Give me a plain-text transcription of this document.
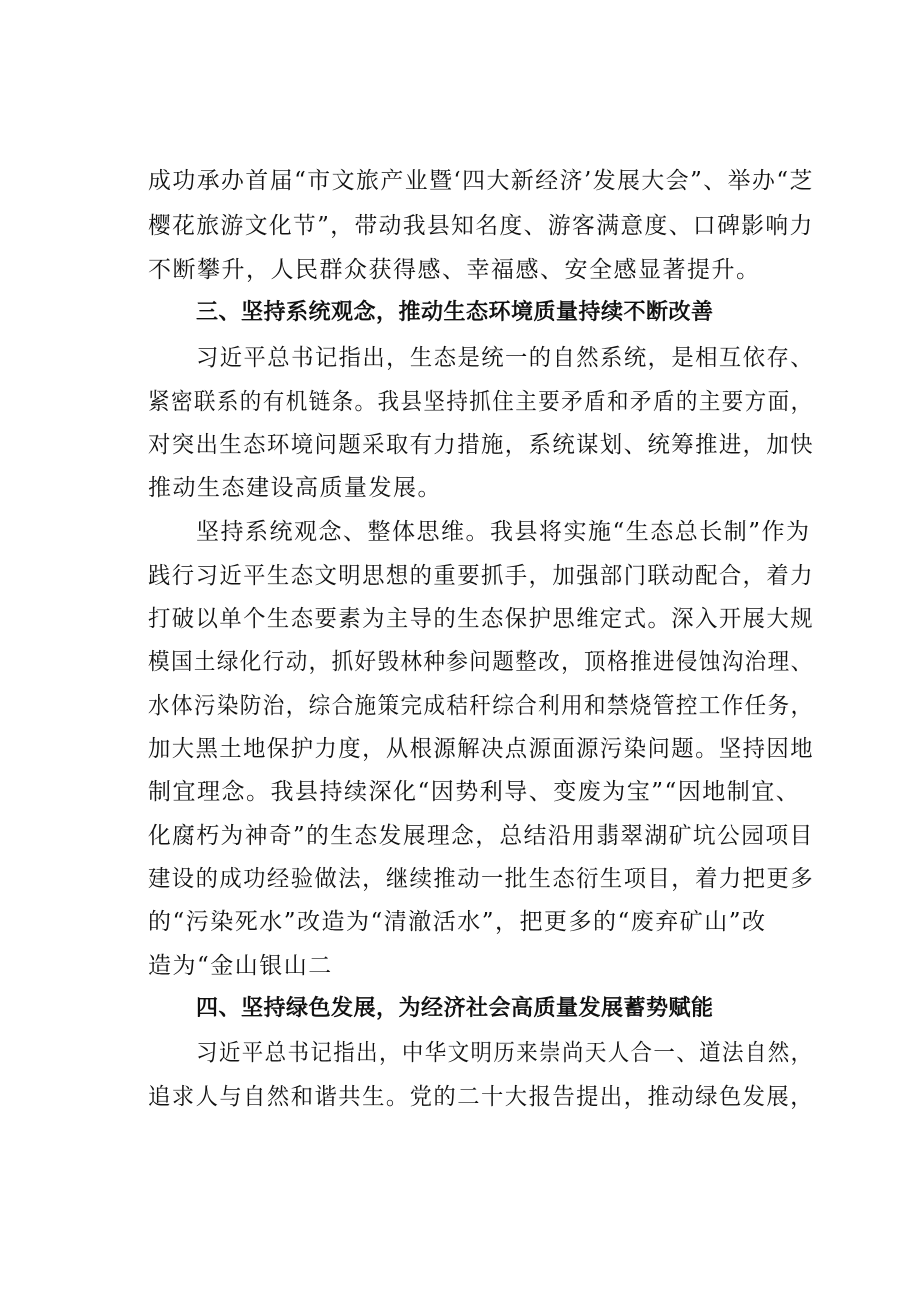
成功承办首届“市文旅产业暨‘四大新经济’发展大会”、举办“芝
樱花旅游文化节”，带动我县知名度、游客满意度、口碑影响力
不断攀升，人民群众获得感、幸福感、安全感显著提升。
三、坚持系统观念，推动生态环境质量持续不断改善
习近平总书记指出，生态是统一的自然系统，是相互依存、
紧密联系的有机链条。我县坚持抓住主要矛盾和矛盾的主要方面，
对突出生态环境问题采取有力措施，系统谋划、统筹推进，加快
推动生态建设高质量发展。
坚持系统观念、整体思维。我县将实施“生态总长制”作为
践行习近平生态文明思想的重要抓手，加强部门联动配合，着力
打破以单个生态要素为主导的生态保护思维定式。深入开展大规
模国土绿化行动，抓好毁林种参问题整改，顶格推进侵蚀沟治理、
水体污染防治，综合施策完成秸秆综合利用和禁烧管控工作任务，
加大黑土地保护力度，从根源解决点源面源污染问题。坚持因地
制宜理念。我县持续深化“因势利导、变废为宝”“因地制宜、
化腐朽为神奇”的生态发展理念，总结沿用翡翠湖矿坑公园项目
建设的成功经验做法，继续推动一批生态衍生项目，着力把更多
的“污染死水”改造为“清澈活水”，把更多的“废弃矿山”改
造为“金山银山二
四、坚持绿色发展，为经济社会高质量发展蓄势赋能
习近平总书记指出，中华文明历来崇尚天人合一、道法自然，
追求人与自然和谐共生。党的二十大报告提出，推动绿色发展，
